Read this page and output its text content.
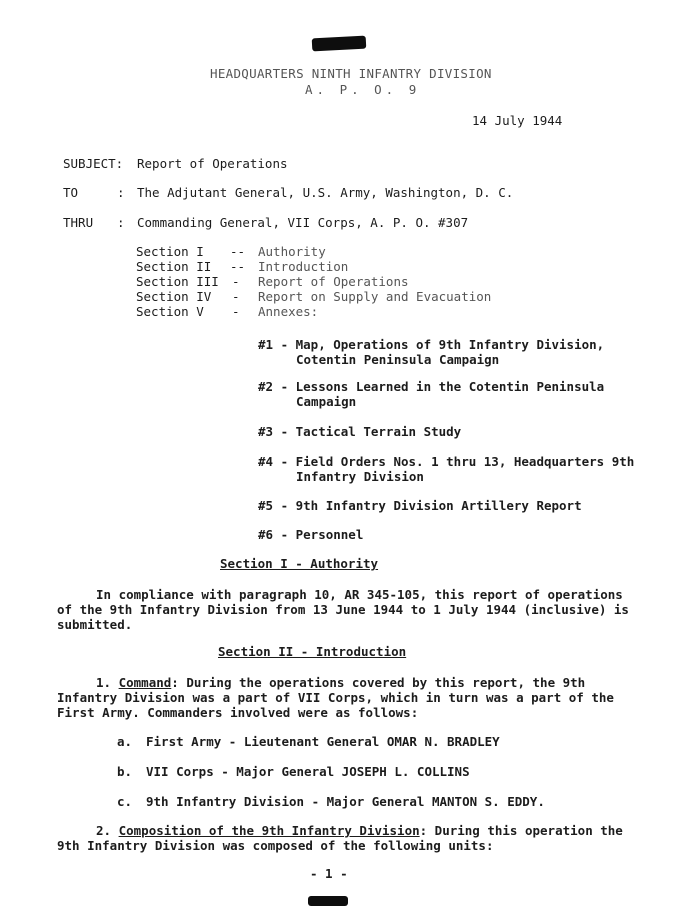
HEADQUARTERS NINTH INFANTRY DIVISION
A. P. O. 9
14 July 1944
SUBJECT: Report of Operations
TO	: The Adjutant General, U.S. Army, Washington, D. C.
THRU : Commanding General, VII Corps, A. P. O. #307
Section I -- Authority
Section II -- Introduction
Section III - Report of Operations
Section IV - Report on Supply and Evacuation
Section V - Annexes:
#1 - Map, Operations of 9th Infantry Division,
Cotentin Peninsula Campaign
#2 - Lessons Learned in the Cotentin Peninsula
Campaign
#3 - Tactical Terrain Study
#4 - Field Orders Nos. 1 thru 13, Headquarters 9th
Infantry Division
#5 - 9th Infantry Division Artillery Report
#6 - Personnel
Section I - Authority
In compliance with paragraph 10, AR 345-105, this report of operations
of the 9th Infantry Division from 13 June 1944 to 1 July 1944 (inclusive) is
submitted.
Section II - Introduction
1. Command: During the operations covered by this report, the 9th
Infantry Division was a part of VII Corps, which in turn was a part of the
First Army. Commanders involved were as follows:
a. First Army - Lieutenant General OMAR N. BRADLEY
b. VII Corps - Major General JOSEPH L. COLLINS
c. 9th Infantry Division - Major General MANTON S. EDDY.
2. Composition of the 9th Infantry Division: During this operation the
9th Infantry Division was composed of the following units:
- 1 -
